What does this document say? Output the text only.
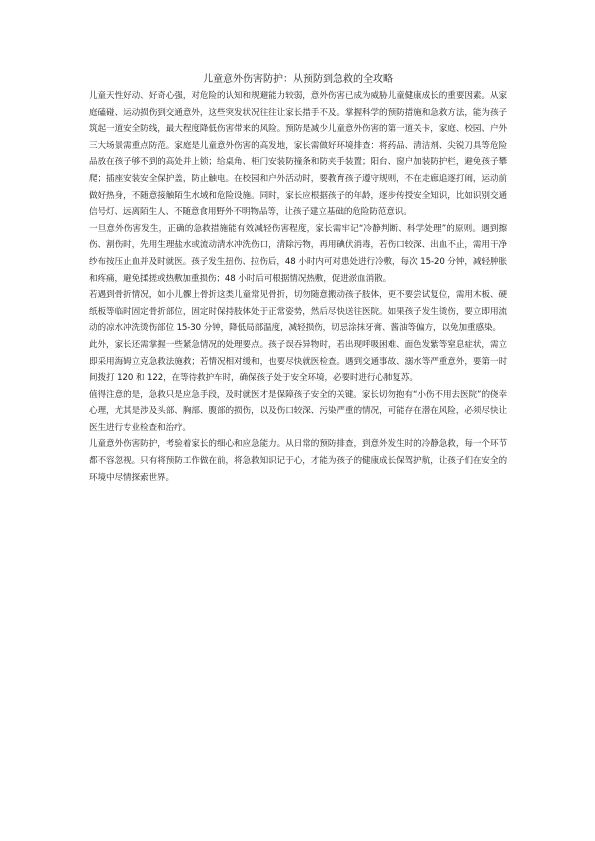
儿童意外伤害防护：从预防到急救的全攻略

儿童天性好动、好奇心强，对危险的认知和规避能力较弱，意外伤害已成为威胁儿童健康成长的重要因素。从家庭磕碰、运动损伤到交通意外，这些突发状况往往让家长措手不及。掌握科学的预防措施和急救方法，能为孩子筑起一道安全防线，最大程度降低伤害带来的风险。预防是减少儿童意外伤害的第一道关卡，家庭、校园、户外三大场景需重点防范。家庭是儿童意外伤害的高发地，家长需做好环境排查：将药品、清洁剂、尖锐刀具等危险品放在孩子够不到的高处并上锁；给桌角、柜门安装防撞条和防夹手装置；阳台、窗户加装防护栏，避免孩子攀爬；插座安装安全保护盖，防止触电。在校园和户外活动时，要教育孩子遵守规则，不在走廊追逐打闹，运动前做好热身，不随意接触陌生水域和危险设施。同时，家长应根据孩子的年龄，逐步传授安全知识，比如识别交通信号灯、远离陌生人、不随意食用野外不明物品等，让孩子建立基础的危险防范意识。

一旦意外伤害发生，正确的急救措施能有效减轻伤害程度，家长需牢记“冷静判断、科学处理”的原则。遇到擦伤、割伤时，先用生理盐水或流动清水冲洗伤口，清除污物，再用碘伏消毒，若伤口较深、出血不止，需用干净纱布按压止血并及时就医。孩子发生扭伤、拉伤后，48 小时内可对患处进行冷敷，每次 15-20 分钟，减轻肿胀和疼痛，避免揉搓或热敷加重损伤；48 小时后可根据情况热敷，促进淤血消散。

若遇到骨折情况，如小儿髁上骨折这类儿童常见骨折，切勿随意搬动孩子肢体，更不要尝试复位，需用木板、硬纸板等临时固定骨折部位，固定时保持肢体处于正常姿势，然后尽快送往医院。如果孩子发生烫伤，要立即用流动的凉水冲洗烫伤部位 15-30 分钟，降低局部温度，减轻损伤，切忌涂抹牙膏、酱油等偏方，以免加重感染。

此外，家长还需掌握一些紧急情况的处理要点。孩子误吞异物时，若出现呼吸困难、面色发紫等窒息症状，需立即采用海姆立克急救法施救；若情况相对缓和，也要尽快就医检查。遇到交通事故、溺水等严重意外，要第一时间拨打 120 和 122，在等待救护车时，确保孩子处于安全环境，必要时进行心肺复苏。

值得注意的是，急救只是应急手段，及时就医才是保障孩子安全的关键。家长切勿抱有“小伤不用去医院”的侥幸心理，尤其是涉及头部、胸部、腹部的损伤，以及伤口较深、污染严重的情况，可能存在潜在风险，必须尽快让医生进行专业检查和治疗。

儿童意外伤害防护，考验着家长的细心和应急能力。从日常的预防排查，到意外发生时的冷静急救，每一个环节都不容忽视。只有将预防工作做在前，将急救知识记于心，才能为孩子的健康成长保驾护航，让孩子们在安全的环境中尽情探索世界。
